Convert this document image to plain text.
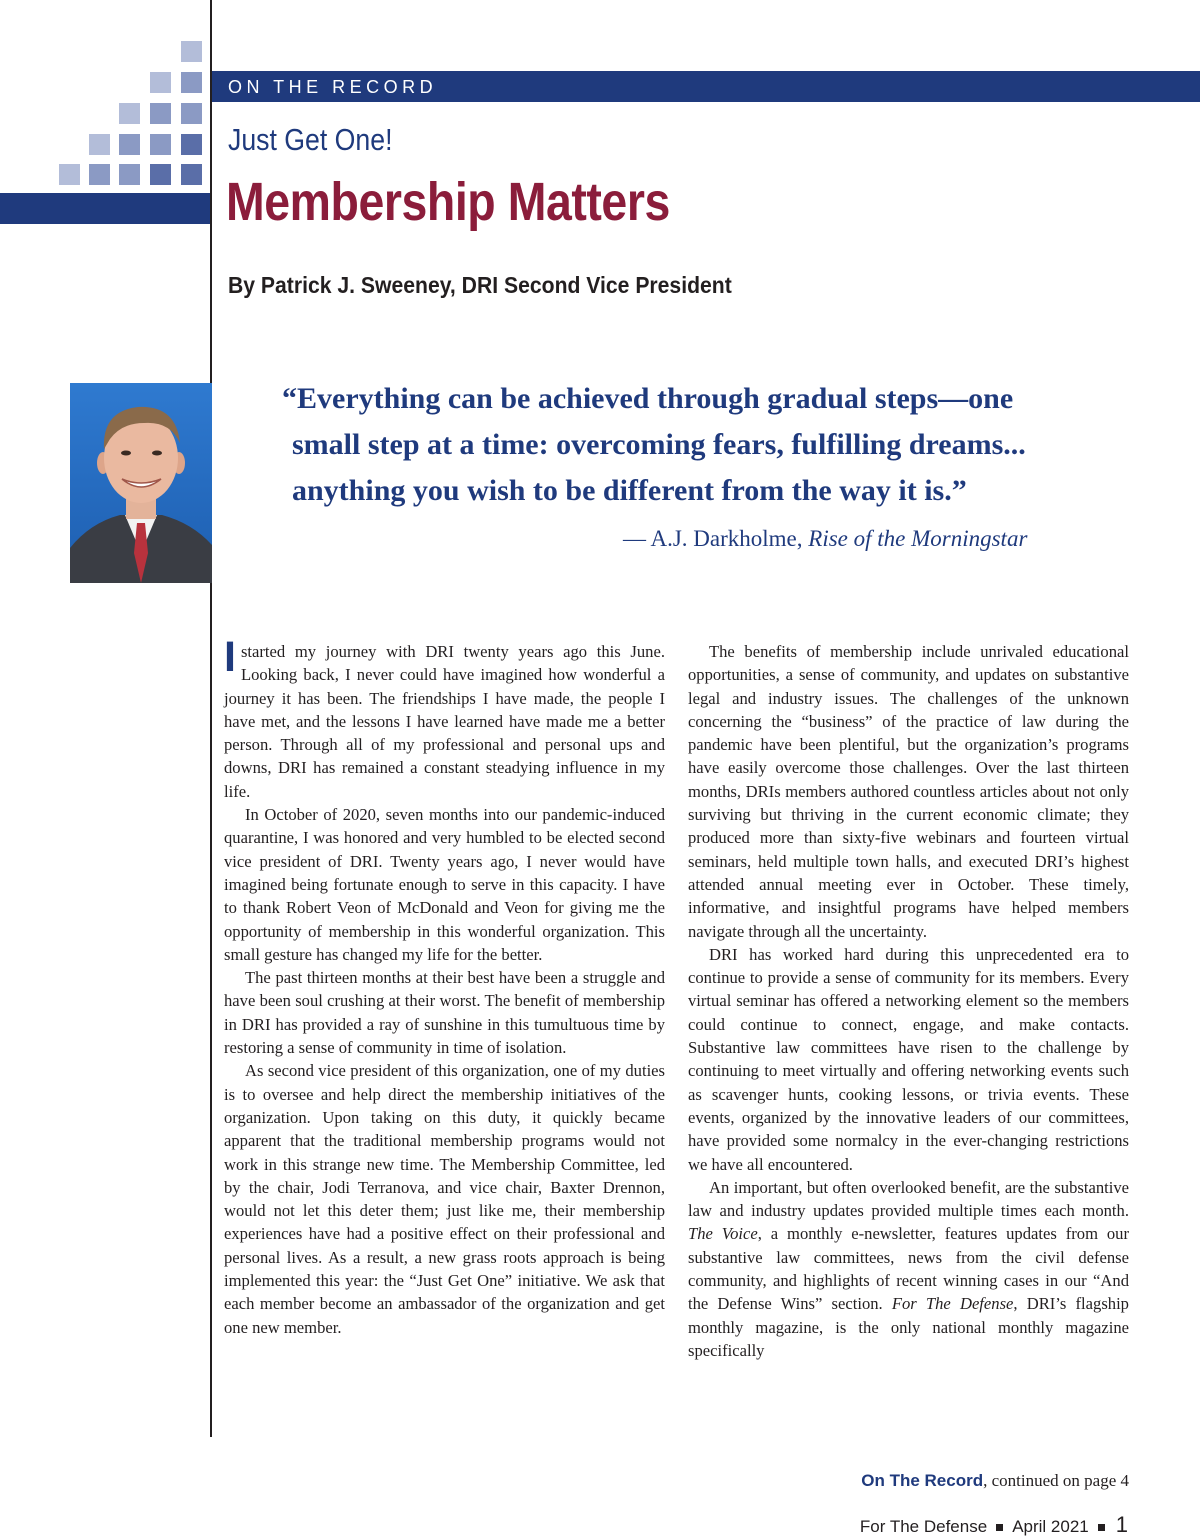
ON THE RECORD
Just Get One!
Membership Matters
By Patrick J. Sweeney, DRI Second Vice President
“Everything can be achieved through gradual steps—one
small step at a time: overcoming fears, fulfilling dreams...
anything you wish to be different from the way it is.”
— A.J. Darkholme, Rise of the Morningstar

Istarted my journey with DRI twenty years ago this June. Looking back, I never could have imagined how wonderful a journey it has been. The friendships I have made, the people I have met, and the lessons I have learned have made me a better person. Through all of my professional and personal ups and downs, DRI has remained a constant steadying influence in my life.

In October of 2020, seven months into our pandemic-induced quarantine, I was honored and very humbled to be elected second vice president of DRI. Twenty years ago, I never would have imagined being fortunate enough to serve in this capacity. I have to thank Robert Veon of McDonald and Veon for giving me the opportunity of membership in this wonderful organization. This small gesture has changed my life for the better.

The past thirteen months at their best have been a struggle and have been soul crushing at their worst. The benefit of membership in DRI has provided a ray of sunshine in this tumultuous time by restoring a sense of community in time of isolation.

As second vice president of this organization, one of my duties is to oversee and help direct the membership initiatives of the organization. Upon taking on this duty, it quickly became apparent that the traditional membership programs would not work in this strange new time. The Membership Committee, led by the chair, Jodi Terranova, and vice chair, Baxter Drennon, would not let this deter them; just like me, their membership experiences have had a positive effect on their professional and personal lives. As a result, a new grass roots approach is being implemented this year: the “Just Get One” initiative. We ask that each member become an ambassador of the organization and get one new member.

The benefits of membership include unrivaled educational opportunities, a sense of community, and updates on substantive legal and industry issues. The challenges of the unknown concerning the “business” of the practice of law during the pandemic have been plentiful, but the organization’s programs have easily overcome those challenges. Over the last thirteen months, DRIs members authored countless articles about not only surviving but thriving in the current economic climate; they produced more than sixty-five webinars and fourteen virtual seminars, held multiple town halls, and executed DRI’s highest attended annual meeting ever in October. These timely, informative, and insightful programs have helped members navigate through all the uncertainty.

DRI has worked hard during this unprecedented era to continue to provide a sense of community for its members. Every virtual seminar has offered a networking element so the members could continue to connect, engage, and make contacts. Substantive law committees have risen to the challenge by continuing to meet virtually and offering networking events such as scavenger hunts, cooking lessons, or trivia events. These events, organized by the innovative leaders of our committees, have provided some normalcy in the ever-changing restrictions we have all encountered.

An important, but often overlooked benefit, are the substantive law and industry updates provided multiple times each month. The Voice, a monthly e-newsletter, features updates from our substantive law committees, news from the civil defense community, and highlights of recent winning cases in our “And the Defense Wins” section. For The Defense, DRI’s flagship monthly magazine, is the only national monthly magazine specifically

On The Record, continued on page 4
For The Defense April 2021 1
